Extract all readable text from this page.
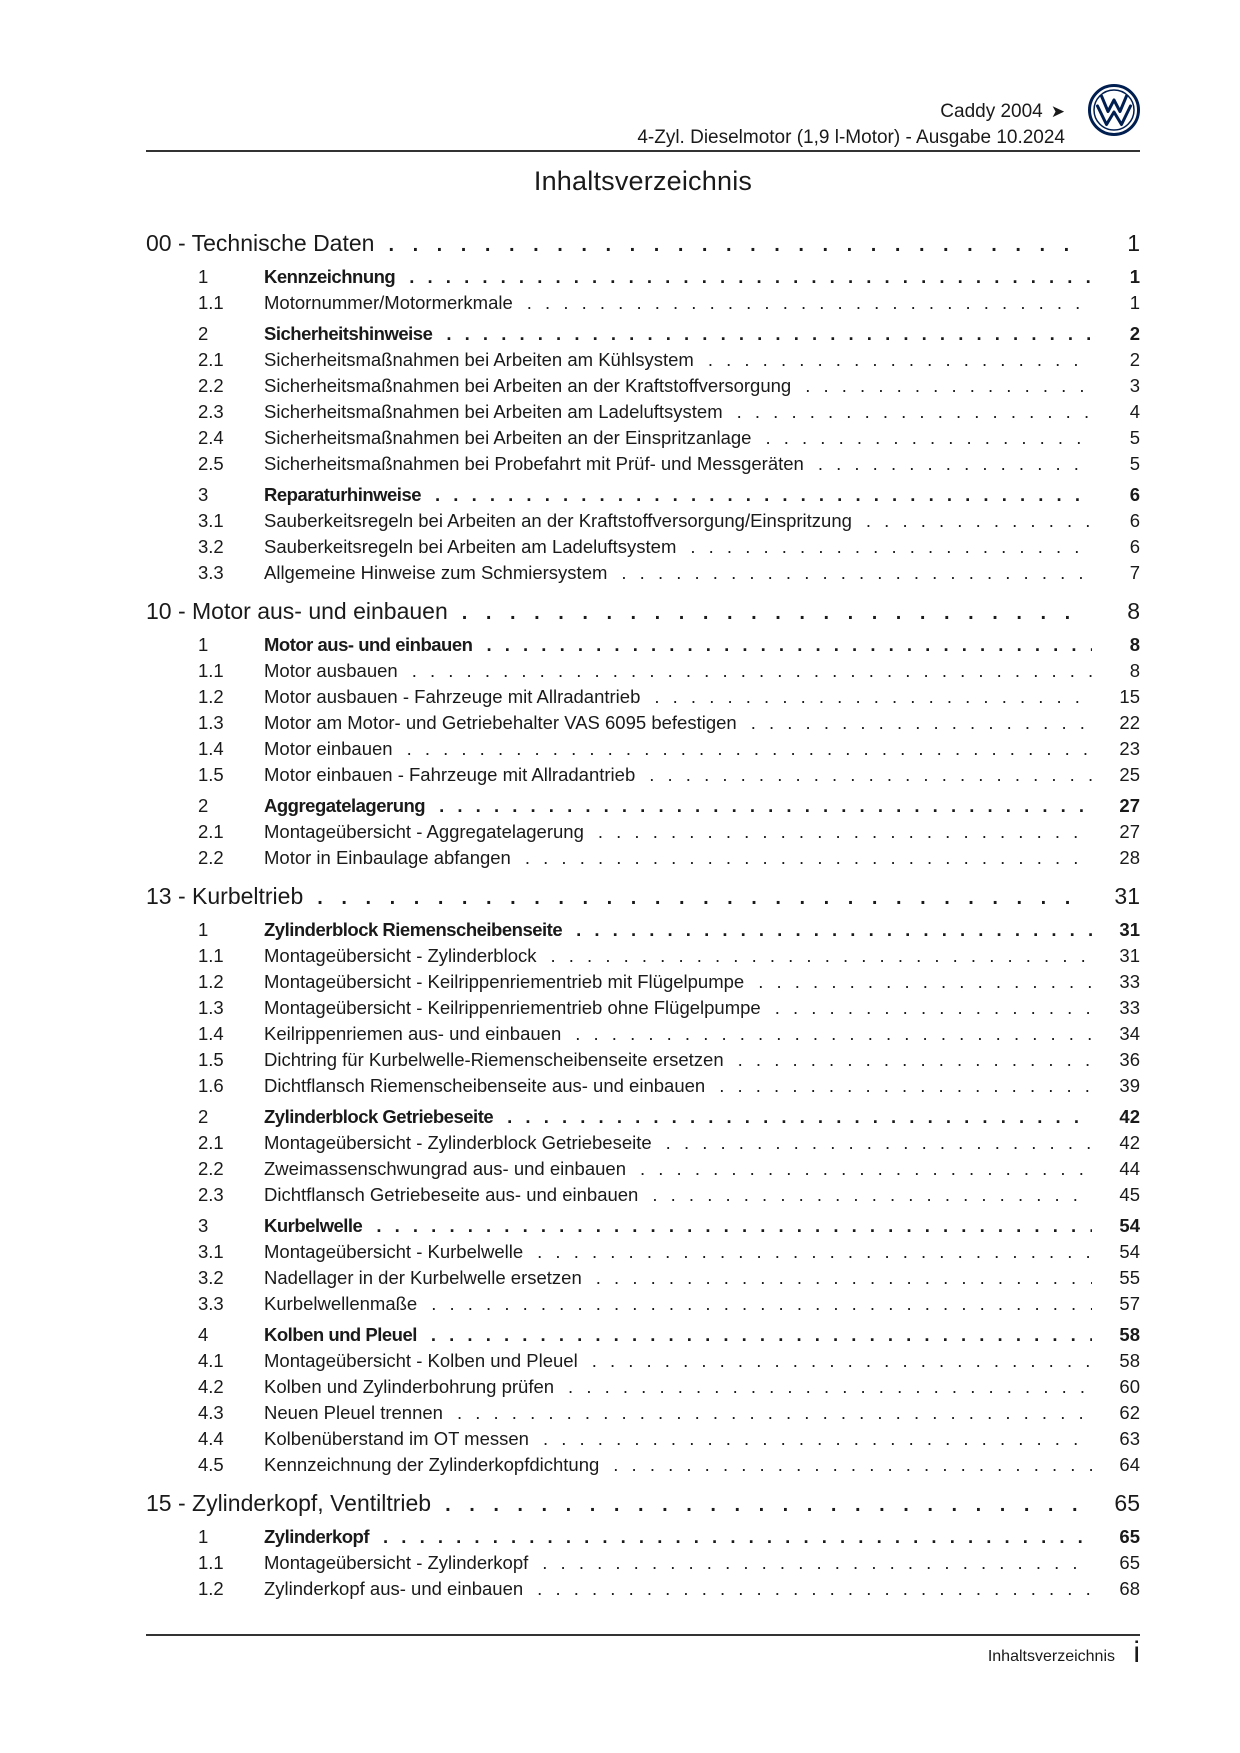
Caddy 2004 ➤
4-Zyl. Dieselmotor (1,9 l-Motor) - Ausgabe 10.2024
Inhaltsverzeichnis
00 - Technische Daten . . .	1
1	Kennzeichnung . . .	1
1.1	Motornummer/Motormerkmale . . .	1
2	Sicherheitshinweise . . .	2
2.1	Sicherheitsmaßnahmen bei Arbeiten am Kühlsystem . . .	2
2.2	Sicherheitsmaßnahmen bei Arbeiten an der Kraftstoffversorgung . . .	3
2.3	Sicherheitsmaßnahmen bei Arbeiten am Ladeluftsystem . . .	4
2.4	Sicherheitsmaßnahmen bei Arbeiten an der Einspritzanlage . . .	5
2.5	Sicherheitsmaßnahmen bei Probefahrt mit Prüf- und Messgeräten . . .	5
3	Reparaturhinweise . . .	6
3.1	Sauberkeitsregeln bei Arbeiten an der Kraftstoffversorgung/Einspritzung . . .	6
3.2	Sauberkeitsregeln bei Arbeiten am Ladeluftsystem . . .	6
3.3	Allgemeine Hinweise zum Schmiersystem . . .	7
10 - Motor aus- und einbauen . . .	8
1	Motor aus- und einbauen . . .	8
1.1	Motor ausbauen . . .	8
1.2	Motor ausbauen - Fahrzeuge mit Allradantrieb . . .	15
1.3	Motor am Motor- und Getriebehalter VAS 6095 befestigen . . .	22
1.4	Motor einbauen . . .	23
1.5	Motor einbauen - Fahrzeuge mit Allradantrieb . . .	25
2	Aggregatelagerung . . .	27
2.1	Montageübersicht - Aggregatelagerung . . .	27
2.2	Motor in Einbaulage abfangen . . .	28
13 - Kurbeltrieb . . .	31
1	Zylinderblock Riemenscheibenseite . . .	31
1.1	Montageübersicht - Zylinderblock . . .	31
1.2	Montageübersicht - Keilrippenriementrieb mit Flügelpumpe . . .	33
1.3	Montageübersicht - Keilrippenriementrieb ohne Flügelpumpe . . .	33
1.4	Keilrippenriemen aus- und einbauen . . .	34
1.5	Dichtring für Kurbelwelle-Riemenscheibenseite ersetzen . . .	36
1.6	Dichtflansch Riemenscheibenseite aus- und einbauen . . .	39
2	Zylinderblock Getriebeseite . . .	42
2.1	Montageübersicht - Zylinderblock Getriebeseite . . .	42
2.2	Zweimassenschwungrad aus- und einbauen . . .	44
2.3	Dichtflansch Getriebeseite aus- und einbauen . . .	45
3	Kurbelwelle . . .	54
3.1	Montageübersicht - Kurbelwelle . . .	54
3.2	Nadellager in der Kurbelwelle ersetzen . . .	55
3.3	Kurbelwellenmaße . . .	57
4	Kolben und Pleuel . . .	58
4.1	Montageübersicht - Kolben und Pleuel . . .	58
4.2	Kolben und Zylinderbohrung prüfen . . .	60
4.3	Neuen Pleuel trennen . . .	62
4.4	Kolbenüberstand im OT messen . . .	63
4.5	Kennzeichnung der Zylinderkopfdichtung . . .	64
15 - Zylinderkopf, Ventiltrieb . . .	65
1	Zylinderkopf . . .	65
1.1	Montageübersicht - Zylinderkopf . . .	65
1.2	Zylinderkopf aus- und einbauen . . .	68
Inhaltsverzeichnis i
